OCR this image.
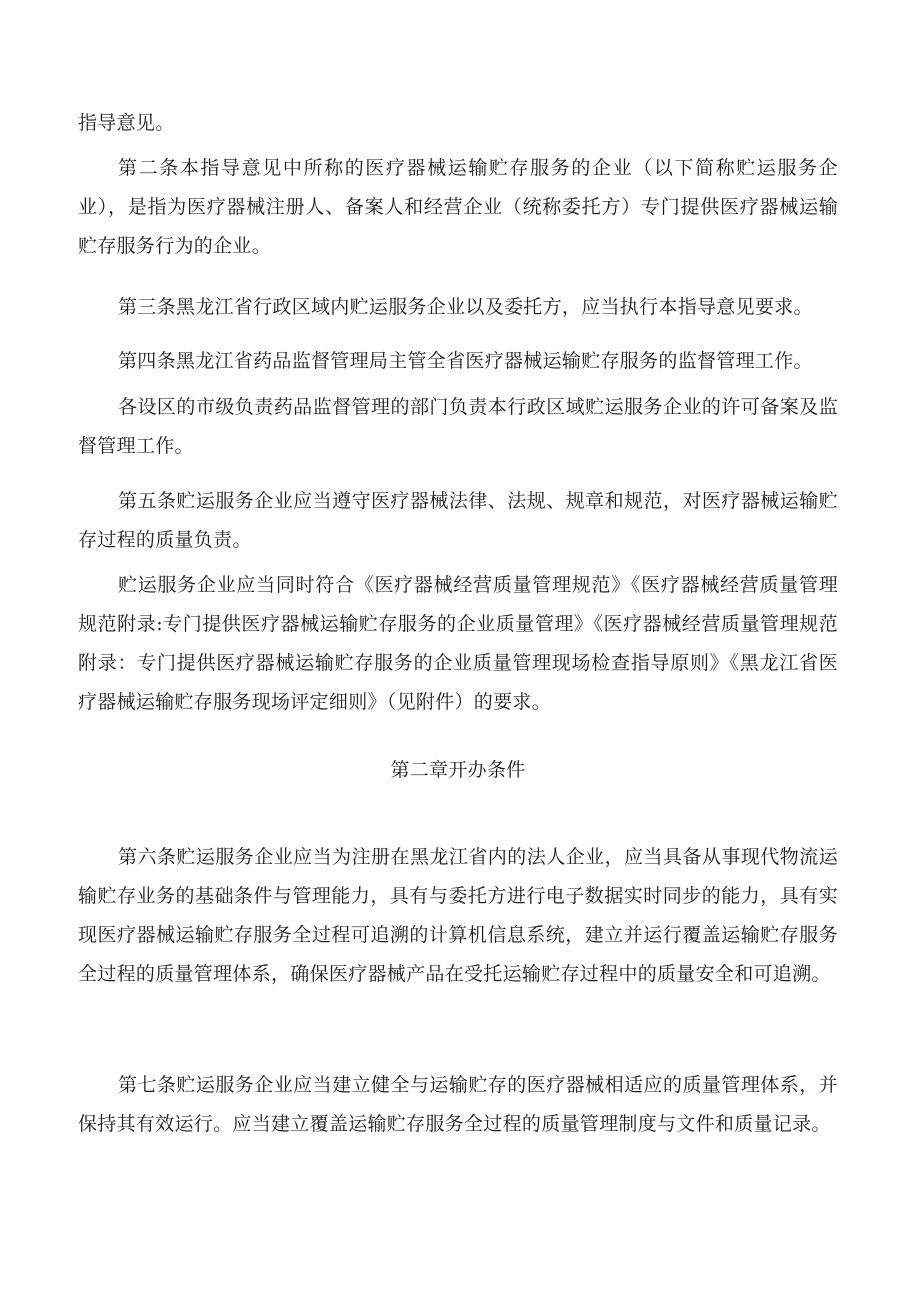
指导意见。

第二条本指导意见中所称的医疗器械运输贮存服务的企业（以下简称贮运服务企业），是指为医疗器械注册人、备案人和经营企业（统称委托方）专门提供医疗器械运输贮存服务行为的企业。

第三条黑龙江省行政区域内贮运服务企业以及委托方，应当执行本指导意见要求。

第四条黑龙江省药品监督管理局主管全省医疗器械运输贮存服务的监督管理工作。

各设区的市级负责药品监督管理的部门负责本行政区域贮运服务企业的许可备案及监督管理工作。

第五条贮运服务企业应当遵守医疗器械法律、法规、规章和规范，对医疗器械运输贮存过程的质量负责。

贮运服务企业应当同时符合《医疗器械经营质量管理规范》《医疗器械经营质量管理规范附录:专门提供医疗器械运输贮存服务的企业质量管理》《医疗器械经营质量管理规范附录：专门提供医疗器械运输贮存服务的企业质量管理现场检查指导原则》《黑龙江省医疗器械运输贮存服务现场评定细则》（见附件）的要求。

第二章开办条件

第六条贮运服务企业应当为注册在黑龙江省内的法人企业，应当具备从事现代物流运输贮存业务的基础条件与管理能力，具有与委托方进行电子数据实时同步的能力，具有实现医疗器械运输贮存服务全过程可追溯的计算机信息系统，建立并运行覆盖运输贮存服务全过程的质量管理体系，确保医疗器械产品在受托运输贮存过程中的质量安全和可追溯。

第七条贮运服务企业应当建立健全与运输贮存的医疗器械相适应的质量管理体系，并保持其有效运行。应当建立覆盖运输贮存服务全过程的质量管理制度与文件和质量记录。
